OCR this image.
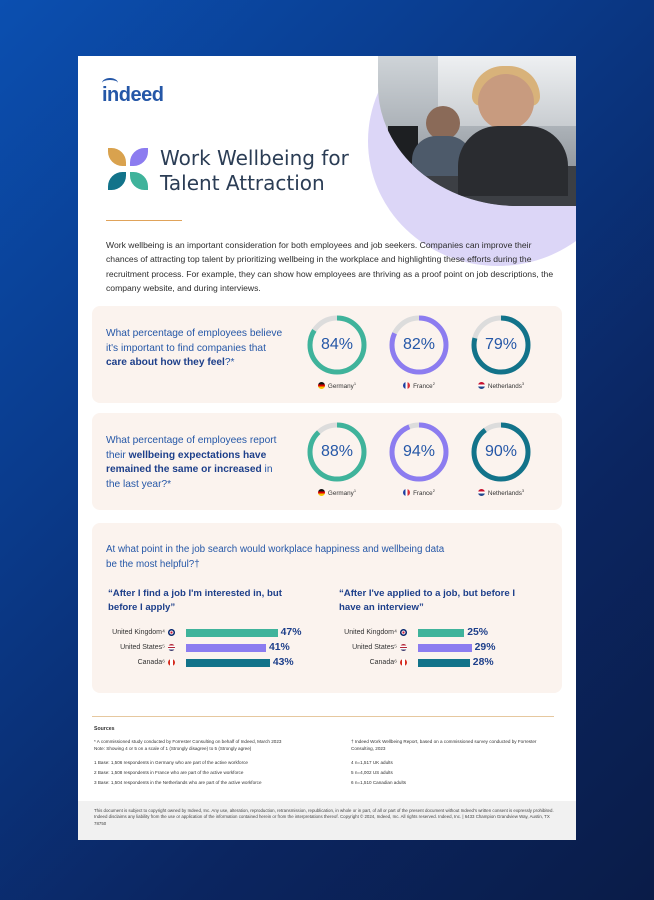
indeed
Work Wellbeing for
Talent Attraction
Work wellbeing is an important consideration for both employees and job seekers. Companies can improve their chances of attracting top talent by prioritizing wellbeing in the workplace and highlighting these efforts during the recruitment process. For example, they can show how employees are thriving as a proof point on job descriptions, the company website, and during interviews.
What percentage of employees believe it's important to find companies that care about how they feel?*
84%
Germany$^1$
82%
France$^2$
79%
Netherlands$^3$
What percentage of employees report their wellbeing expectations have remained the same or increased in the last year?*
88%
Germany$^1$
94%
France$^2$
90%
Netherlands$^3$
At what point in the job search would workplace happiness and wellbeing data be the most helpful?†
“After I find a job I'm interested in, but before I apply”
“After I've applied to a job, but before I have an interview”
United Kingdom⁴	47%
United States⁵	41%
Canada⁶	43%
United Kingdom⁴	25%
United States⁵	29%
Canada⁶	28%
Sources
* A commissioned study conducted by Forrester Consulting on behalf of Indeed, March 2023
Note: Showing 4 or 5 on a scale of 1 (Strongly disagree) to 5 (Strongly agree)
1 Base: 1,506 respondents in Germany who are part of the active workforce
2 Base: 1,508 respondents in France who are part of the active workforce
3 Base: 1,504 respondents in the Netherlands who are part of the active workforce
† Indeed Work Wellbeing Report, based on a commissioned survey conducted by Forrester Consulting, 2023
4 n=1,517 UK adults
5 n=4,002 US adults
6 n=1,510 Canadian adults
This document is subject to copyright owned by Indeed, Inc. Any use, alteration, reproduction, retransmission, republication, in whole or in part, of all or part of the present document without Indeed's written consent is expressly prohibited. Indeed disclaims any liability from the use or application of the information contained herein or from the interpretations thereof. Copyright © 2024, Indeed, Inc. All rights reserved. Indeed, Inc. | 6433 Champion Grandview Way, Austin, TX 78750
